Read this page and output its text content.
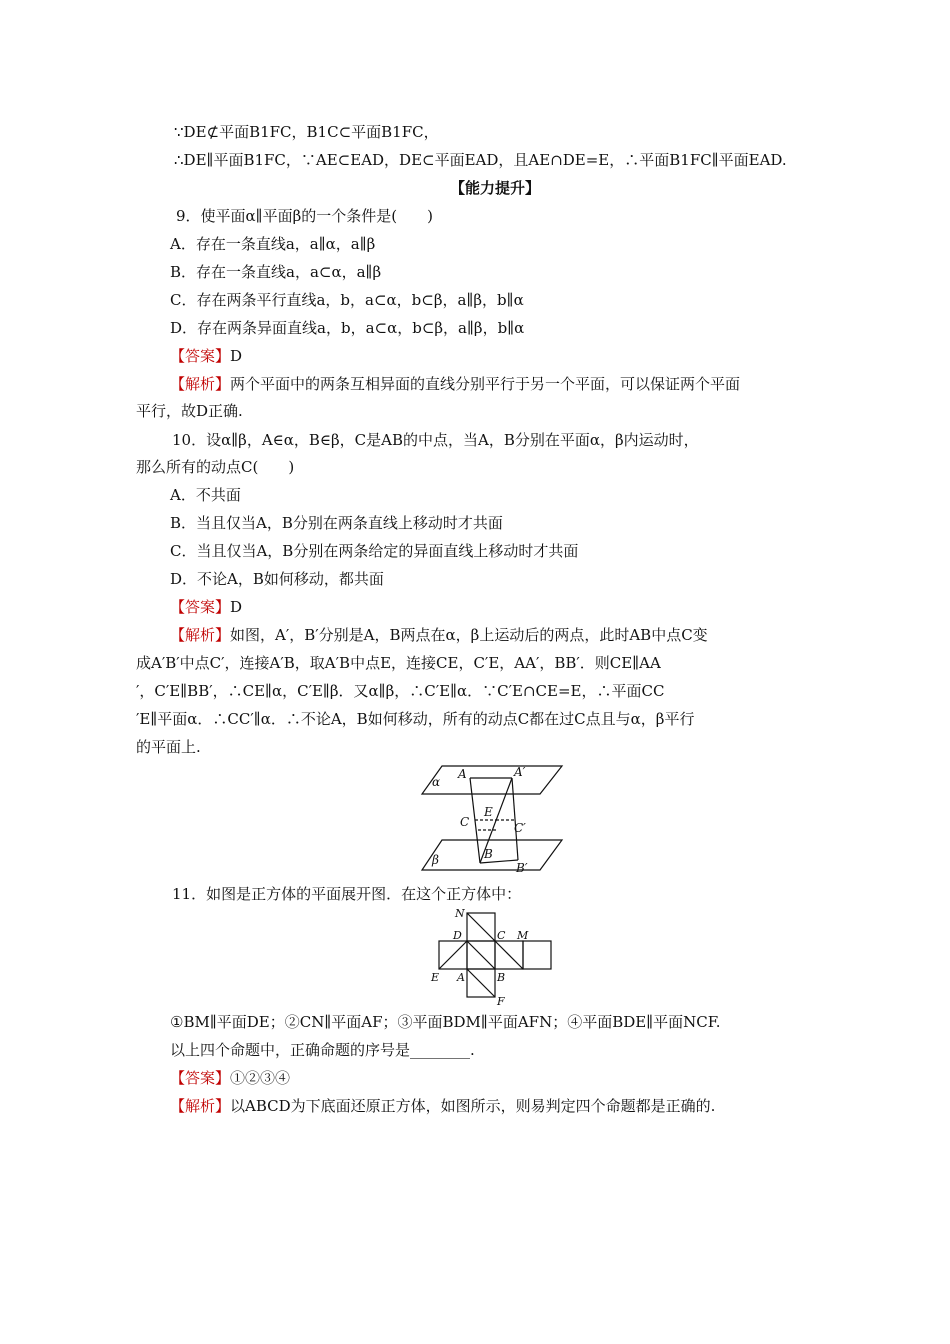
∵DE⊄平面B1FC，B1C⊂平面B1FC，
∴DE∥平面B1FC，∵AE⊂EAD，DE⊂平面EAD，且AE∩DE=E，∴平面B1FC∥平面EAD.
【能力提升】
9．使平面α∥平面β的一个条件是(　　)
A．存在一条直线a，a∥α，a∥β
B．存在一条直线a，a⊂α，a∥β
C．存在两条平行直线a，b，a⊂α，b⊂β，a∥β，b∥α
D．存在两条异面直线a，b，a⊂α，b⊂β，a∥β，b∥α
【答案】D
【解析】两个平面中的两条互相异面的直线分别平行于另一个平面，可以保证两个平面
平行，故D正确.
10．设α∥β，A∈α，B∈β，C是AB的中点，当A，B分别在平面α，β内运动时，
那么所有的动点C(　　)
A．不共面
B．当且仅当A，B分别在两条直线上移动时才共面
C．当且仅当A，B分别在两条给定的异面直线上移动时才共面
D．不论A，B如何移动，都共面
【答案】D
【解析】如图，A′，B′分别是A，B两点在α，β上运动后的两点，此时AB中点C变
成A′B′中点C′，连接A′B，取A′B中点E，连接CE，C′E，AA′，BB′．则CE∥AA
′，C′E∥BB′，∴CE∥α，C′E∥β．又α∥β，∴C′E∥α．∵C′E∩CE=E，∴平面CC
′E∥平面α．∴CC′∥α．∴不论A，B如何移动，所有的动点C都在过C点且与α，β平行
的平面上.
α
β
A	A′
E
C	C′
B
B′
11．如图是正方体的平面展开图．在这个正方体中：
N
D	C M
E A	B
F
①BM∥平面DE；②CN∥平面AF；③平面BDM∥平面AFN；④平面BDE∥平面NCF.
以上四个命题中，正确命题的序号是________.
【答案】①②③④
【解析】以ABCD为下底面还原正方体，如图所示，则易判定四个命题都是正确的.
